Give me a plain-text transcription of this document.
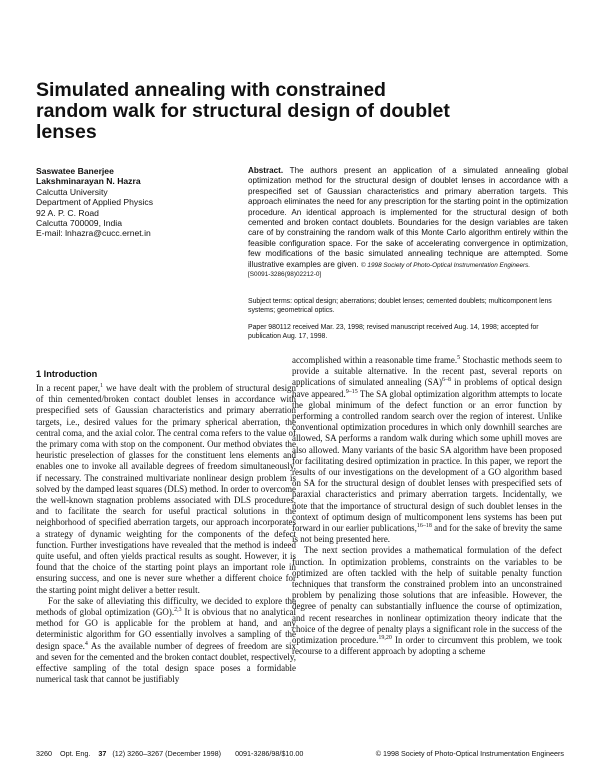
Simulated annealing with constrained random walk for structural design of doublet lenses
Saswatee Banerjee
Lakshminarayan N. Hazra
Calcutta University
Department of Applied Physics
92 A. P. C. Road
Calcutta 700009, India
E-mail: lnhazra@cucc.ernet.in

Abstract. The authors present an application of a simulated annealing global optimization method for the structural design of doublet lenses in accordance with a prespecified set of Gaussian characteristics and primary aberration targets. This approach eliminates the need for any prescription for the starting point in the optimization procedure. An identical approach is implemented for the structural design of both cemented and broken contact doublets. Boundaries for the design variables are taken care of by constraining the random walk of this Monte Carlo algorithm entirely within the feasible configuration space. For the sake of accelerating convergence in optimization, few modifications of the basic simulated annealing technique are attempted. Some illustrative examples are given. © 1998 Society of Photo-Optical Instrumentation Engineers.
[S0091-3286(98)02212-0]

Subject terms: optical design; aberrations; doublet lenses; cemented doublets; multicomponent lens systems; geometrical optics.
Paper 980112 received Mar. 23, 1998; revised manuscript received Aug. 14, 1998; accepted for publication Aug. 17, 1998.
1 Introduction

In a recent paper,$^1$ we have dealt with the problem of structural design of thin cemented/broken contact doublet lenses in accordance with prespecified sets of Gaussian characteristics and primary aberration targets, i.e., desired values for the primary spherical aberration, the central coma, and the axial color. The central coma refers to the value of the primary coma with stop on the component. Our method obviates the heuristic preselection of glasses for the constituent lens elements and enables one to invoke all available degrees of freedom simultaneously, if necessary. The constrained multivariate nonlinear design problem is solved by the damped least squares (DLS) method. In order to overcome the well-known stagnation problems associated with DLS procedures, and to facilitate the search for useful practical solutions in the neighborhood of specified aberration targets, our approach incorporates a strategy of dynamic weighting for the components of the defect function. Further investigations have revealed that the method is indeed quite useful, and often yields practical results as sought. However, it is found that the choice of the starting point plays an important role in ensuring success, and one is never sure whether a different choice for the starting point might deliver a better result.

For the sake of alleviating this difficulty, we decided to explore the methods of global optimization (GO).$^{2,3}$ It is obvious that no analytical method for GO is applicable for the problem at hand, and any deterministic algorithm for GO essentially involves a sampling of the design space.$^4$ As the available number of degrees of freedom are six and seven for the cemented and the broken contact doublet, respectively, effective sampling of the total design space poses a formidable numerical task that cannot be justifiably

accomplished within a reasonable time frame.$^5$ Stochastic methods seem to provide a suitable alternative. In the recent past, several reports on applications of simulated annealing (SA)$^{6-8}$ in problems of optical design have appeared.$^{9-15}$ The SA global optimization algorithm attempts to locate the global minimum of the defect function or an error function by performing a controlled random search over the region of interest. Unlike conventional optimization procedures in which only downhill searches are allowed, SA performs a random walk during which some uphill moves are also allowed. Many variants of the basic SA algorithm have been proposed for facilitating desired optimization in practice. In this paper, we report the results of our investigations on the development of a GO algorithm based on SA for the structural design of doublet lenses with prespecified sets of paraxial characteristics and primary aberration targets. Incidentally, we note that the importance of structural design of such doublet lenses in the context of optimum design of multicomponent lens systems has been put forward in our earlier publications,$^{16-18}$ and for the sake of brevity the same is not being presented here.

The next section provides a mathematical formulation of the defect function. In optimization problems, constraints on the variables to be optimized are often tackled with the help of suitable penalty function techniques that transform the constrained problem into an unconstrained problem by penalizing those solutions that are infeasible. However, the degree of penalty can substantially influence the course of optimization, and recent researches in nonlinear optimization theory indicate that the choice of the degree of penalty plays a significant role in the success of the optimization procedure.$^{19,20}$ In order to circumvent this problem, we took recourse to a different approach by adopting a scheme

3260 Opt. Eng. 37 (12) 3260–3267 (December 1998) 0091-3286/98/$10.00	© 1998 Society of Photo-Optical Instrumentation Engineers
